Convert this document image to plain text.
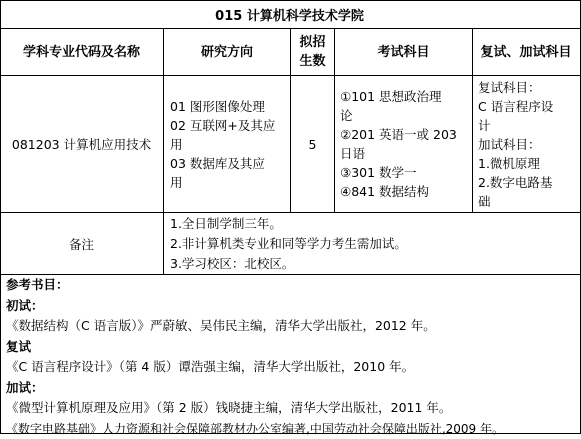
015 计算机科学技术学院
学科专业代码及名称	研究方向
拟招
生数
考试科目	复试、加试科目
081203 计算机应用技术
01 图形图像处理
02 互联网+及其应
用
03 数据库及其应
用
5
①101 思想政治理
论
②201 英语一或 203
日语
③301 数学一
④841 数据结构
复试科目：
C 语言程序设
计
加试科目：
1.微机原理
2.数字电路基
础
备注
1.全日制学制三年。
2.非计算机类专业和同等学力考生需加试。
3.学习校区：北校区。
参考书目：
初试：
《数据结构（C 语言版）》严蔚敏、吴伟民主编，清华大学出版社，2012 年。
复试
《C 语言程序设计》（第 4 版）谭浩强主编，清华大学出版社，2010 年。
加试：
《微型计算机原理及应用》（第 2 版）钱晓捷主编，清华大学出版社，2011 年。
《数字电路基础》人力资源和社会保障部教材办公室编著,中国劳动社会保障出版社,2009 年。
